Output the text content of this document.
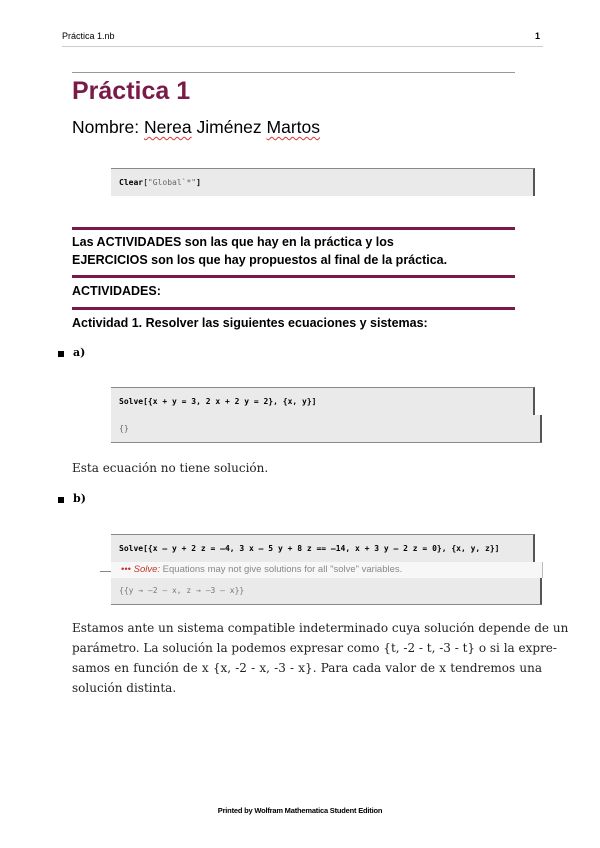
Práctica 1.nb	1
Práctica 1
Nombre: Nerea Jiménez Martos
Clear["Global`*"]
Las ACTIVIDADES son las que hay en la práctica y los
EJERCICIOS son los que hay propuestos al final de la práctica.
ACTIVIDADES:
Actividad 1. Resolver las siguientes ecuaciones y sistemas:
a)
Solve[{x + y = 3, 2 x + 2 y = 2}, {x, y}]
{}
Esta ecuación no tiene solución.
b)
Solve[{x – y + 2 z = –4, 3 x – 5 y + 8 z == –14, x + 3 y – 2 z = 0}, {x, y, z}]
••• Solve: Equations may not give solutions for all "solve" variables.
{{y → –2 – x, z → –3 – x}}
Estamos ante un sistema compatible indeterminado cuya solución depende de un
parámetro. La solución la podemos expresar como {t, -2 - t, -3 - t} o si la expre-
samos en función de x {x, -2 - x, -3 - x}. Para cada valor de x tendremos una
solución distinta.
Printed by Wolfram Mathematica Student Edition
